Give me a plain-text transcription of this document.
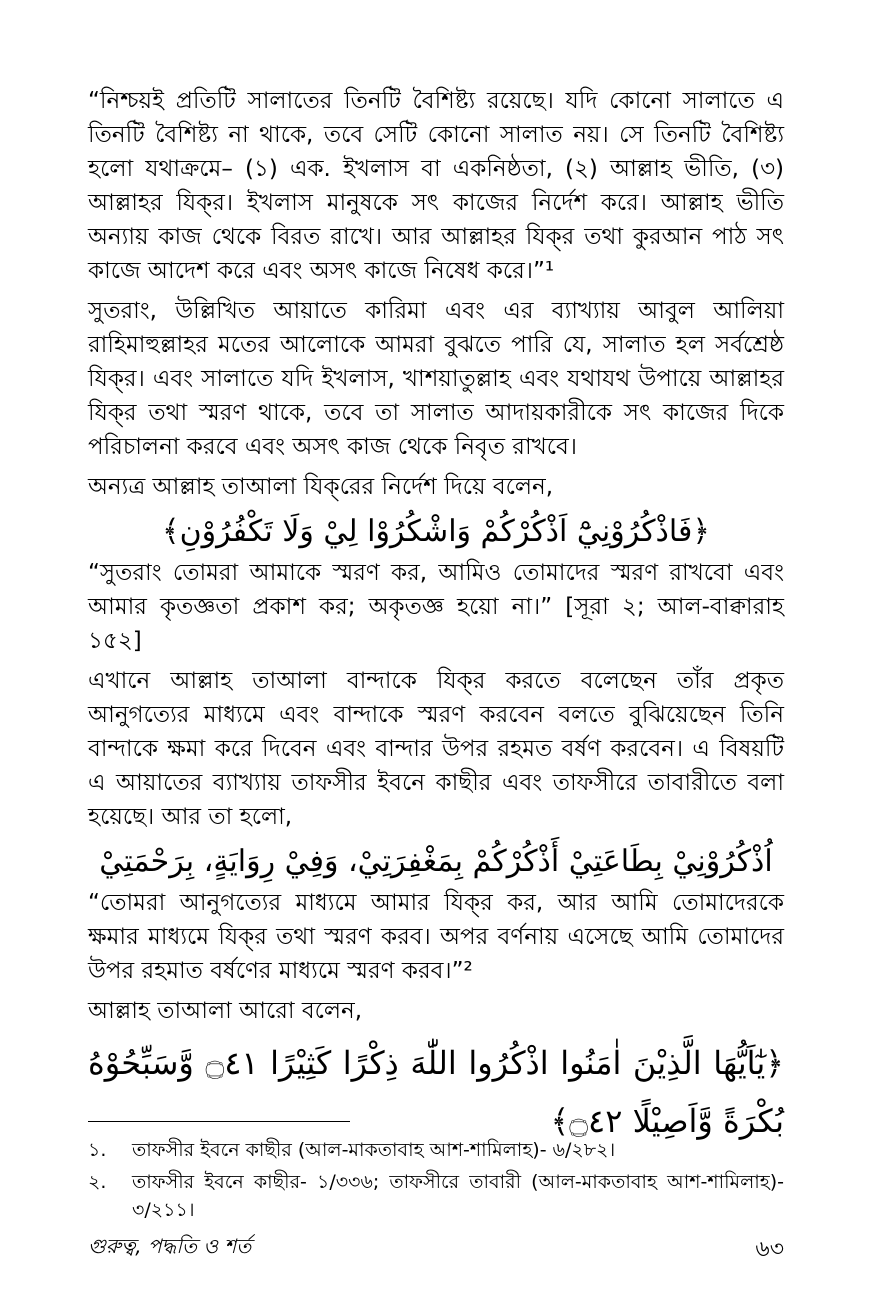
“নিশ্চয়ই প্রতিটি সালাতের তিনটি বৈশিষ্ট্য রয়েছে। যদি কোনো সালাতে এ তিনটি বৈশিষ্ট্য না থাকে, তবে সেটি কোনো সালাত নয়। সে তিনটি বৈশিষ্ট্য হলো যথাক্রমে– (১) এক. ইখলাস বা একনিষ্ঠতা, (২) আল্লাহ ভীতি, (৩) আল্লাহর যিক্‌র। ইখলাস মানুষকে সৎ কাজের নির্দেশ করে। আল্লাহ ভীতি অন্যায় কাজ থেকে বিরত রাখে। আর আল্লাহর যিক্‌র তথা কুরআন পাঠ সৎ কাজে আদেশ করে এবং অসৎ কাজে নিষেধ করে।”¹

সুতরাং, উল্লিখিত আয়াতে কারিমা এবং এর ব্যাখ্যায় আবুল আলিয়া রাহিমাহুল্লাহর মতের আলোকে আমরা বুঝতে পারি যে, সালাত হল সর্বশ্রেষ্ঠ যিক্‌র। এবং সালাতে যদি ইখলাস, খাশয়াতুল্লাহ এবং যথাযথ উপায়ে আল্লাহর যিক্‌র তথা স্মরণ থাকে, তবে তা সালাত আদায়কারীকে সৎ কাজের দিকে পরিচালনা করবে এবং অসৎ কাজ থেকে নিবৃত রাখবে।

অন্যত্র আল্লাহ তাআলা যিক্‌রের নির্দেশ দিয়ে বলেন,

﴿فَاذْكُرُوْنِيْٓ اَذْكُرْكُمْ وَاشْكُرُوْا لِيْ وَلَا تَكْفُرُوْنِ﴾

“সুতরাং তোমরা আমাকে স্মরণ কর, আমিও তোমাদের স্মরণ রাখবো এবং আমার কৃতজ্ঞতা প্রকাশ কর; অকৃতজ্ঞ হয়ো না।” [সূরা ২; আল-বাক্বারাহ ১৫২]

এখানে আল্লাহ তাআলা বান্দাকে যিক্‌র করতে বলেছেন তাঁর প্রকৃত আনুগত্যের মাধ্যমে এবং বান্দাকে স্মরণ করবেন বলতে বুঝিয়েছেন তিনি বান্দাকে ক্ষমা করে দিবেন এবং বান্দার উপর রহমত বর্ষণ করবেন। এ বিষয়টি এ আয়াতের ব্যাখ্যায় তাফসীর ইবনে কাছীর এবং তাফসীরে তাবারীতে বলা হয়েছে। আর তা হলো,

اُذْكُرُوْنِيْ بِطَاعَتِيْ أَذْكُرْكُمْ بِمَغْفِرَتِيْ، وَفِيْ رِوَايَةٍ، بِرَحْمَتِيْ

“তোমরা আনুগত্যের মাধ্যমে আমার যিক্‌র কর, আর আমি তোমাদেরকে ক্ষমার মাধ্যমে যিক্‌র তথা স্মরণ করব। অপর বর্ণনায় এসেছে আমি তোমাদের উপর রহমাত বর্ষণের মাধ্যমে স্মরণ করব।”²

আল্লাহ তাআলা আরো বলেন,

﴿يٰٓاَيُّهَا الَّذِيْنَ اٰمَنُوا اذْكُرُوا اللّٰهَ ذِكْرًا كَثِيْرًا ۝٤١ وَّسَبِّحُوْهُ بُكْرَةً وَّاَصِيْلًا ۝٤٢﴾

১.	তাফসীর ইবনে কাছীর (আল-মাকতাবাহ আশ-শামিলাহ)- ৬/২৮২।
২.	তাফসীর ইবনে কাছীর- ১/৩৩৬; তাফসীরে তাবারী (আল-মাকতাবাহ আশ-শামিলাহ)- ৩/২১১।
গুরুত্ব, পদ্ধতি ও শর্ত	৬৩
